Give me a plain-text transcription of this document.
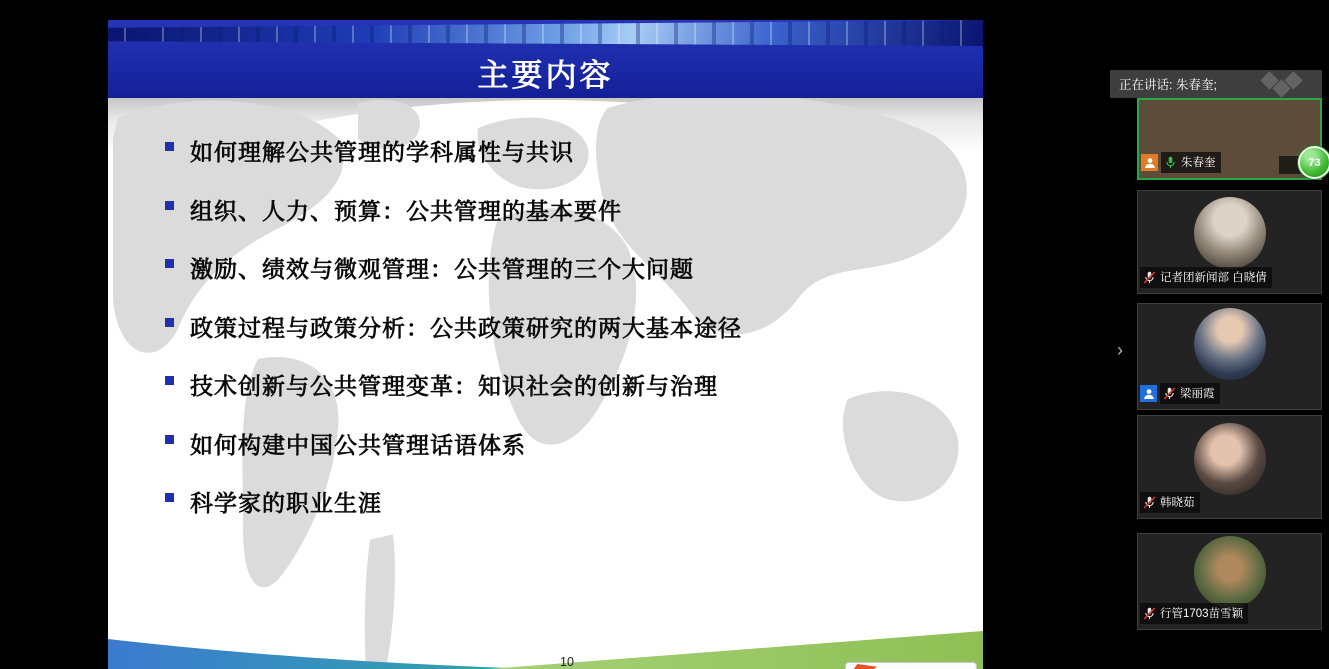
主要内容
如何理解公共管理的学科属性与共识
组织、人力、预算：公共管理的基本要件
激励、绩效与微观管理：公共管理的三个大问题
政策过程与政策分析：公共政策研究的两大基本途径
技术创新与公共管理变革：知识社会的创新与治理
如何构建中国公共管理话语体系
科学家的职业生涯
10
正在讲话: 朱春奎;
›
朱春奎	73
记者团新闻部 白晓倩
梁丽霞
韩晓茹
行管1703苗雪颖
